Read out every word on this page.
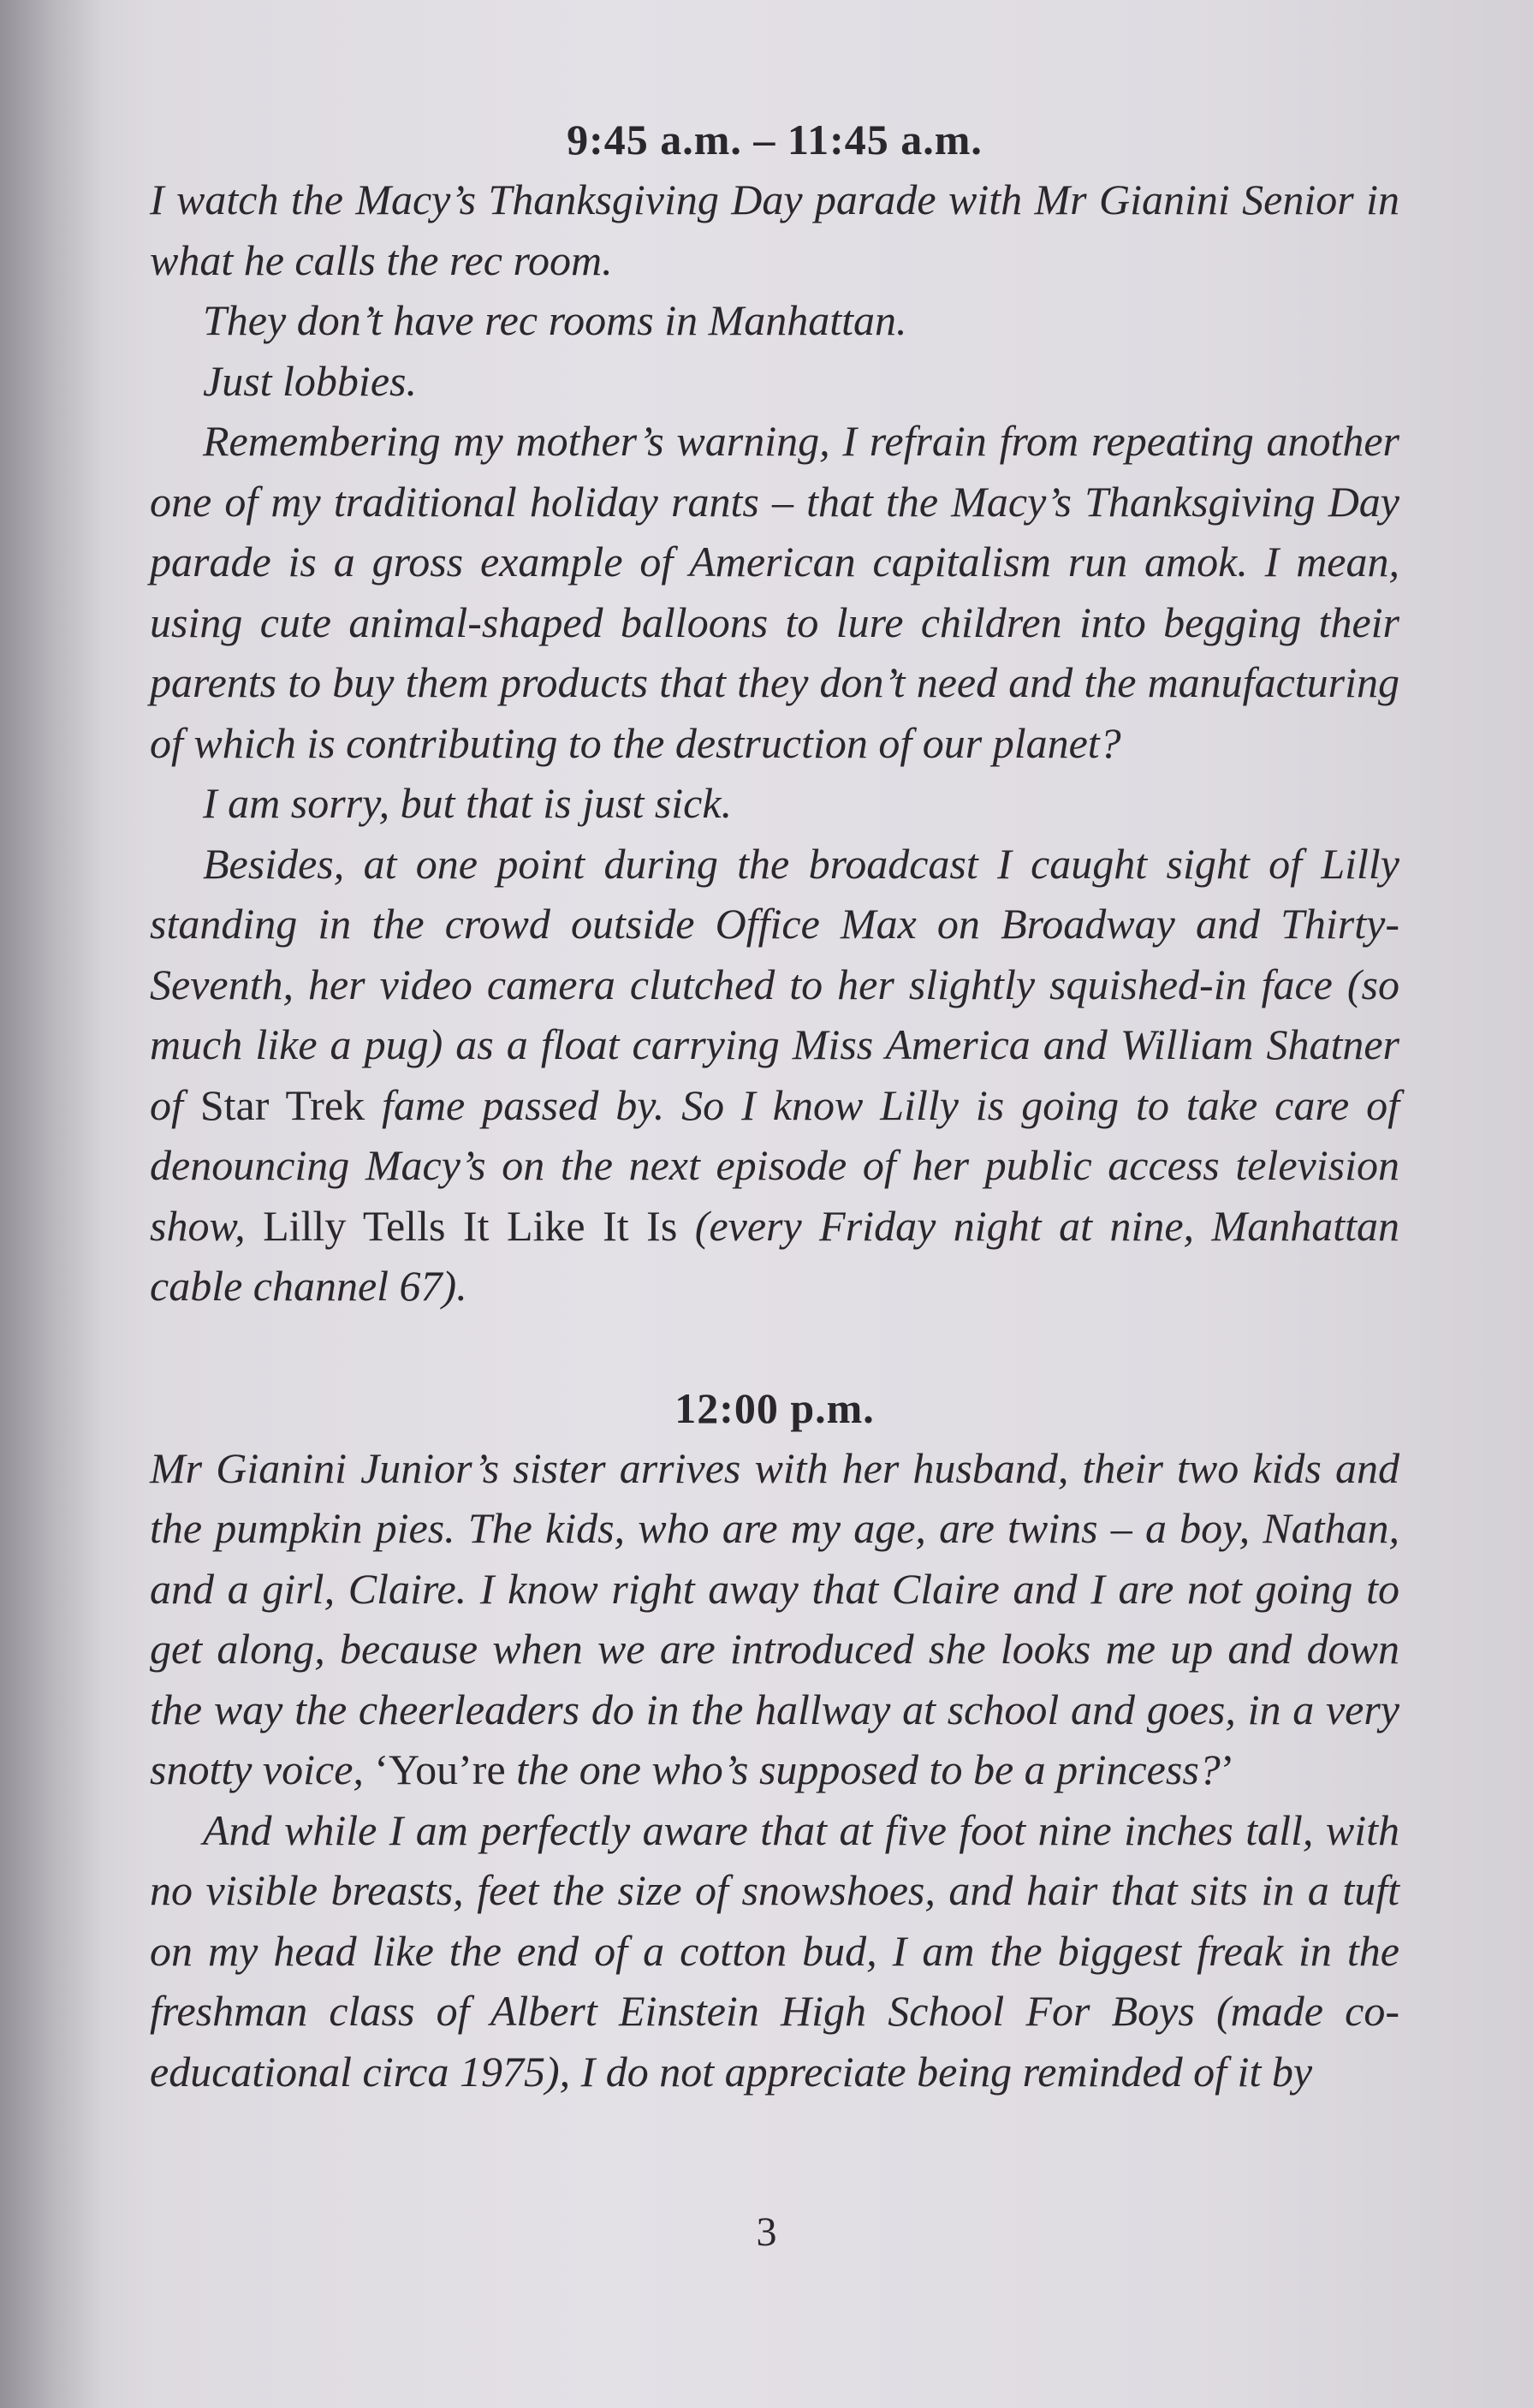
9:45 a.m. – 11:45 a.m.

I watch the Macy’s Thanksgiving Day parade with Mr Gianini Senior in what he calls the rec room.

They don’t have rec rooms in Manhattan.

Just lobbies.

Remembering my mother’s warning, I refrain from repeating another one of my traditional holiday rants – that the Macy’s Thanksgiving Day parade is a gross example of American capitalism run amok. I mean, using cute animal-shaped balloons to lure children into begging their parents to buy them products that they don’t need and the manufacturing of which is contributing to the destruction of our planet?

I am sorry, but that is just sick.

Besides, at one point during the broadcast I caught sight of Lilly standing in the crowd outside Office Max on Broadway and Thirty-Seventh, her video camera clutched to her slightly squished-in face (so much like a pug) as a float carrying Miss America and William Shatner of Star Trek fame passed by. So I know Lilly is going to take care of denouncing Macy’s on the next episode of her public access television show, Lilly Tells It Like It Is (every Friday night at nine, Manhattan cable channel 67).

12:00 p.m.

Mr Gianini Junior’s sister arrives with her husband, their two kids and the pumpkin pies. The kids, who are my age, are twins – a boy, Nathan, and a girl, Claire. I know right away that Claire and I are not going to get along, because when we are introduced she looks me up and down the way the cheerleaders do in the hallway at school and goes, in a very snotty voice, ‘You’re the one who’s supposed to be a princess?’

And while I am perfectly aware that at five foot nine inches tall, with no visible breasts, feet the size of snowshoes, and hair that sits in a tuft on my head like the end of a cotton bud, I am the biggest freak in the freshman class of Albert Einstein High School For Boys (made co-educational circa 1975), I do not appreciate being reminded of it by

3
